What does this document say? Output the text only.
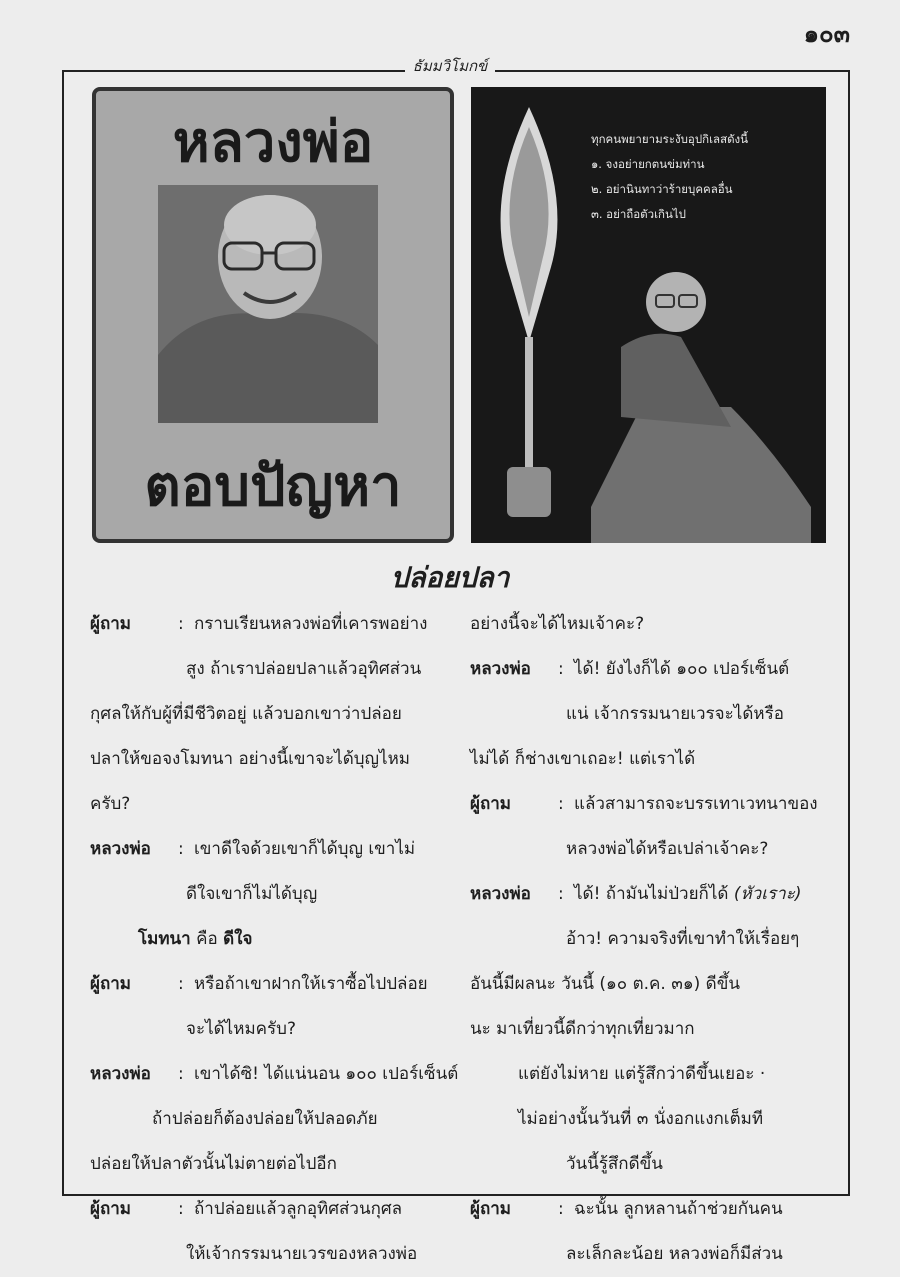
๑๐๓
ธัมมวิโมกข์
หลวงพ่อ
ตอบปัญหา
ทุกคนพยายามระงับอุปกิเลสดังนี้
๑. จงอย่ายกตนข่มท่าน
๒. อย่านินทาว่าร้ายบุคคลอื่น
๓. อย่าถือตัวเกินไป
ปล่อยปลา
ผู้ถาม	: กราบเรียนหลวงพ่อที่เคารพอย่าง
สูง ถ้าเราปล่อยปลาแล้วอุทิศส่วน
กุศลให้กับผู้ที่มีชีวิตอยู่ แล้วบอกเขาว่าปล่อย
ปลาให้ขอจงโมทนา อย่างนี้เขาจะได้บุญไหม
ครับ?
หลวงพ่อ : เขาดีใจด้วยเขาก็ได้บุญ เขาไม่
ดีใจเขาก็ไม่ได้บุญ
โมทนา คือ ดีใจ
ผู้ถาม	: หรือถ้าเขาฝากให้เราซื้อไปปล่อย
จะได้ไหมครับ?
หลวงพ่อ : เขาได้ซิ! ได้แน่นอน ๑๐๐ เปอร์เซ็นต์
ถ้าปล่อยก็ต้องปล่อยให้ปลอดภัย
ปล่อยให้ปลาตัวนั้นไม่ตายต่อไปอีก
ผู้ถาม	: ถ้าปล่อยแล้วลูกอุทิศส่วนกุศล
ให้เจ้ากรรมนายเวรของหลวงพ่อ
อย่างนี้จะได้ไหมเจ้าคะ?
หลวงพ่อ : ได้! ยังไงก็ได้ ๑๐๐ เปอร์เซ็นต์
แน่ เจ้ากรรมนายเวรจะได้หรือ
ไม่ได้ ก็ช่างเขาเถอะ! แต่เราได้
ผู้ถาม	: แล้วสามารถจะบรรเทาเวทนาของ
หลวงพ่อได้หรือเปล่าเจ้าคะ?
หลวงพ่อ : ได้! ถ้ามันไม่ป่วยก็ได้ (หัวเราะ)
อ้าว! ความจริงที่เขาทำให้เรื่อยๆ
อันนี้มีผลนะ วันนี้ (๑๐ ต.ค. ๓๑) ดีขึ้น
นะ มาเที่ยวนี้ดีกว่าทุกเที่ยวมาก
แต่ยังไม่หาย แต่รู้สึกว่าดีขึ้นเยอะ ·
ไม่อย่างนั้นวันที่ ๓ นั่งอกแงกเต็มที
วันนี้รู้สึกดีขึ้น
ผู้ถาม	: ฉะนั้น ลูกหลานถ้าช่วยกันคน
ละเล็กละน้อย หลวงพ่อก็มีส่วน
